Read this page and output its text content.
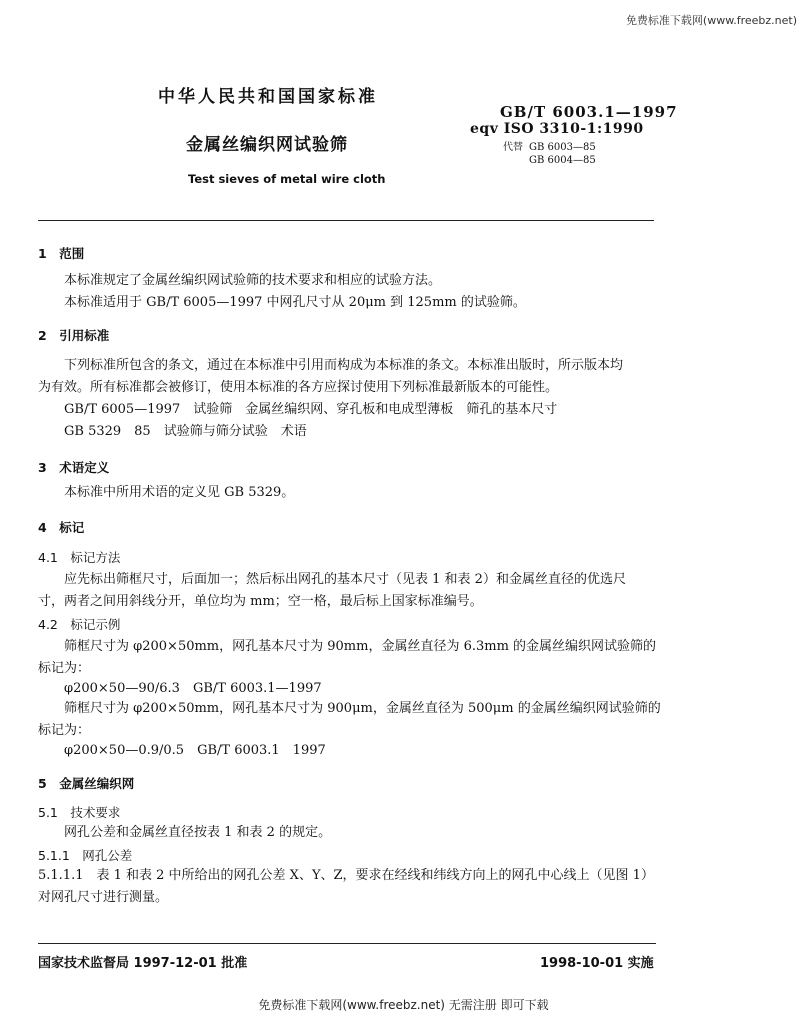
免费标准下载网(www.freebz.net)
中华人民共和国国家标准
GB/T 6003.1—1997
eqv ISO 3310-1:1990
代替 GB 6003—85
GB 6004—85
金属丝编织网试验筛
Test sieves of metal wire cloth
1　范围
本标准规定了金属丝编织网试验筛的技术要求和相应的试验方法。
本标准适用于 GB/T 6005—1997 中网孔尺寸从 20μm 到 125mm 的试验筛。
2　引用标准
下列标准所包含的条文，通过在本标准中引用而构成为本标准的条文。本标准出版时，所示版本均
为有效。所有标准都会被修订，使用本标准的各方应探讨使用下列标准最新版本的可能性。
GB/T 6005—1997　试验筛　金属丝编织网、穿孔板和电成型薄板　筛孔的基本尺寸
GB 5329　85　试验筛与筛分试验　术语
3　术语定义
本标准中所用术语的定义见 GB 5329。
4　标记
4.1　标记方法
应先标出筛框尺寸，后面加一；然后标出网孔的基本尺寸（见表 1 和表 2）和金属丝直径的优选尺
寸，两者之间用斜线分开，单位均为 mm；空一格，最后标上国家标准编号。
4.2　标记示例
筛框尺寸为 φ200×50mm，网孔基本尺寸为 90mm，金属丝直径为 6.3mm 的金属丝编织网试验筛的
标记为：
φ200×50—90/6.3　GB/T 6003.1—1997
筛框尺寸为 φ200×50mm，网孔基本尺寸为 900μm，金属丝直径为 500μm 的金属丝编织网试验筛的
标记为：
φ200×50—0.9/0.5　GB/T 6003.1　1997
5　金属丝编织网
5.1　技术要求
网孔公差和金属丝直径按表 1 和表 2 的规定。
5.1.1　网孔公差
5.1.1.1　表 1 和表 2 中所给出的网孔公差 X、Y、Z，要求在经线和纬线方向上的网孔中心线上（见图 1）
对网孔尺寸进行测量。
国家技术监督局 1997-12-01 批准	1998-10-01 实施
免费标准下载网(www.freebz.net) 无需注册 即可下载
